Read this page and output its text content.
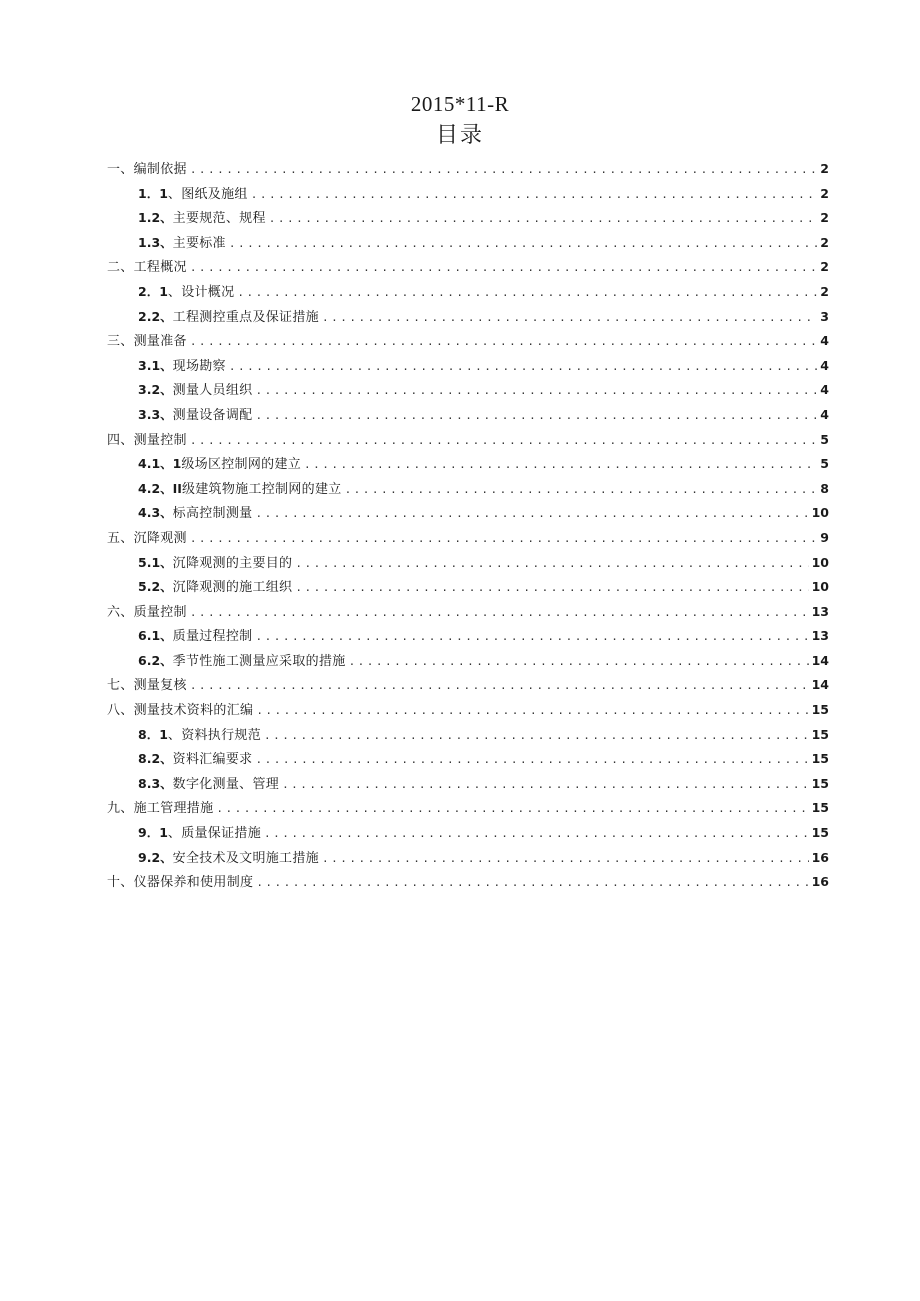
2015*11-R
目录
一、编制依据 .....	2
1．1 、图纸及施组 .....	2
1.2、 主要规范、规程 .....	2
1.3、 主要标准 .....	2
二、工程概况 .....	2
2．1 、设计概况 .....	2
2.2、 工程测控重点及保证措施 .....	3
三、测量准备 .....	4
3.1、 现场勘察 .....	4
3.2、 测量人员组织 .....	4
3.3、 测量设备调配 .....	4
四、测量控制 .....	5
4.1、1 级场区控制网的建立 .....	5
4.2、II 级建筑物施工控制网的建立 .....	8
4.3、 标高控制测量 .....	10
五、沉降观测 .....	9
5.1、 沉降观测的主要目的 .....	10
5.2、 沉降观测的施工组织 .....	10
六、质量控制 .....	13
6.1、 质量过程控制 .....	13
6.2、 季节性施工测量应采取的措施 .....	14
七、测量复核 .....	14
八、测量技术资料的汇编 .....	15
8．1 、资料执行规范 .....	15
8.2、 资料汇编要求 .....	15
8.3、 数字化测量、管理 .....	15
九、施工管理措施 .....	15
9．1 、质量保证措施 .....	15
9.2、 安全技术及文明施工措施 .....	16
十、仪器保养和使用制度 .....	16
